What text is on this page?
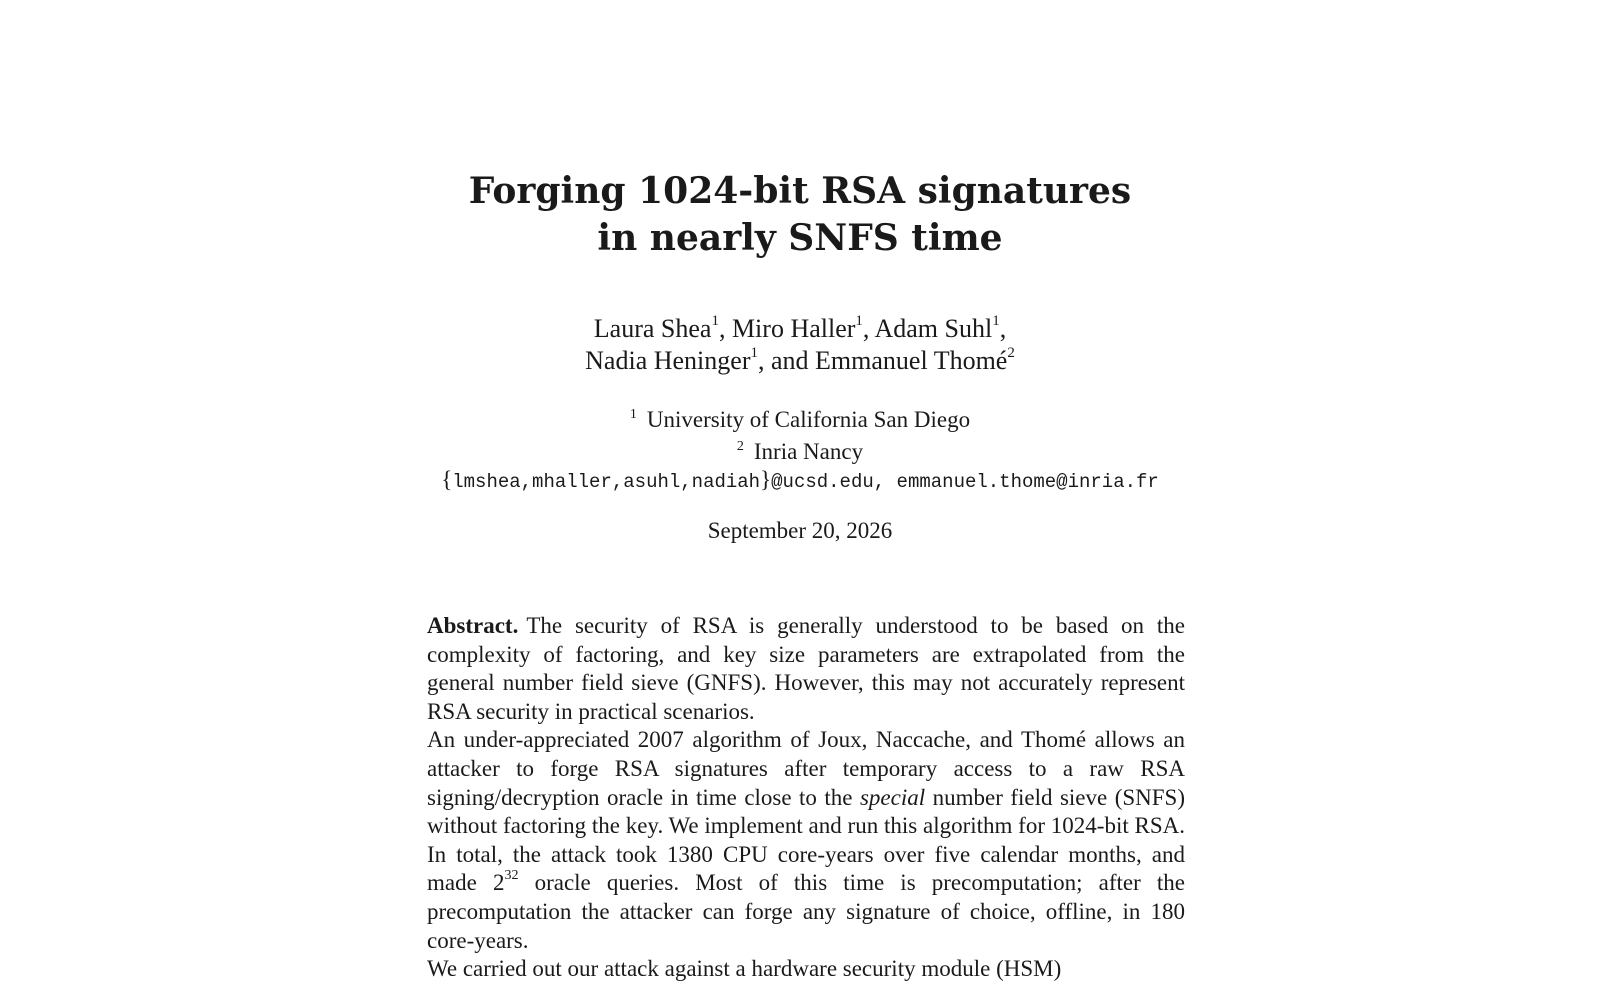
Forging 1024-bit RSA signatures
in nearly SNFS time
Laura Shea$^1$, Miro Haller$^1$, Adam Suhl$^1$,
Nadia Heninger$^1$, and Emmanuel Thomé$^2$
$^1$ University of California San Diego
$^2$ Inria Nancy
{lmshea,mhaller,asuhl,nadiah}@ucsd.edu, emmanuel.thome@inria.fr
September 20, 2026

Abstract. The security of RSA is generally understood to be based on the complexity of factoring, and key size parameters are extrapolated from the general number field sieve (GNFS). However, this may not accurately represent RSA security in practical scenarios.

An under-appreciated 2007 algorithm of Joux, Naccache, and Thomé allows an attacker to forge RSA signatures after temporary access to a raw RSA signing/decryption oracle in time close to the special number field sieve (SNFS) without factoring the key. We implement and run this algorithm for 1024-bit RSA. In total, the attack took 1380 CPU core-years over five calendar months, and made $2^{32}$ oracle queries. Most of this time is precomputation; after the precomputation the attacker can forge any signature of choice, offline, in 180 core-years.

We carried out our attack against a hardware security module (HSM)
